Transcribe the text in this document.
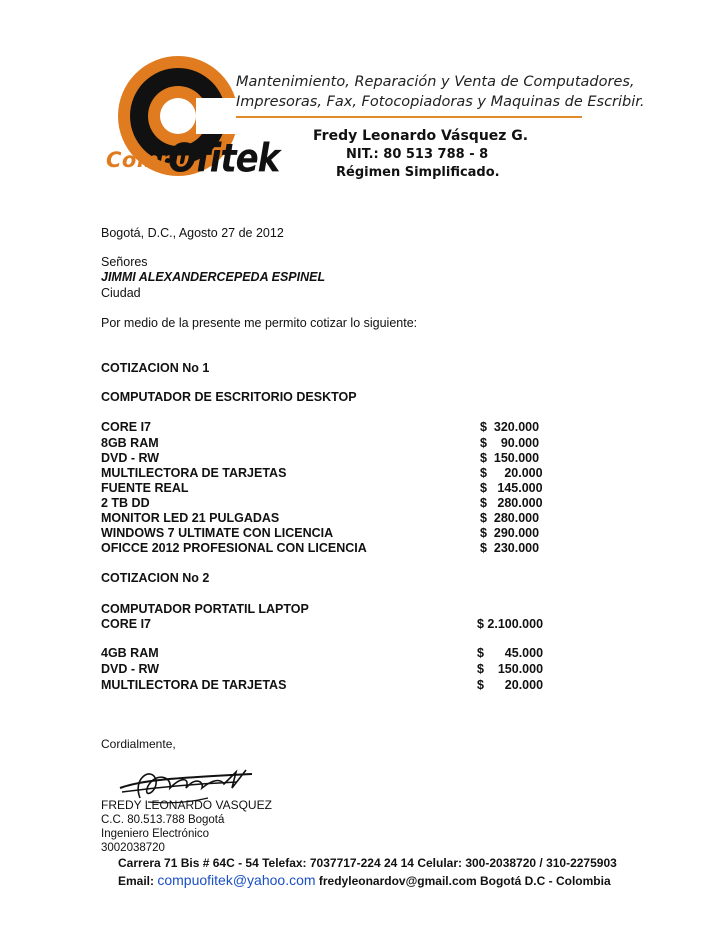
Compu
Ofitek
Mantenimiento, Reparación y Venta de Computadores,
Impresoras, Fax, Fotocopiadoras y Maquinas de Escribir.
Fredy Leonardo Vásquez G.
NIT.: 80 513 788 - 8
Régimen Simplificado.
Bogotá, D.C., Agosto 27 de 2012
Señores
JIMMI ALEXANDERCEPEDA ESPINEL
Ciudad
Por medio de la presente me permito cotizar lo siguiente:
COTIZACION No 1
COMPUTADOR DE ESCRITORIO DESKTOP
CORE I7	$  320.000
8GB RAM	$    90.000
DVD - RW	$  150.000
MULTILECTORA DE TARJETAS	$     20.000
FUENTE REAL	$   145.000
2 TB DD	$   280.000
MONITOR LED 21 PULGADAS	$  280.000
WINDOWS 7 ULTIMATE CON LICENCIA	$  290.000
OFICCE 2012 PROFESIONAL CON LICENCIA	$  230.000
COTIZACION No 2
COMPUTADOR PORTATIL LAPTOP
CORE I7	$ 2.100.000
4GB RAM	$      45.000
DVD - RW	$    150.000
MULTILECTORA DE TARJETAS	$      20.000
Cordialmente,
FREDY LEONARDO VASQUEZ
C.C. 80.513.788 Bogotá
Ingeniero Electrónico
3002038720
Carrera 71 Bis # 64C - 54 Telefax: 7037717-224 24 14 Celular: 300-2038720 / 310-2275903
Email: compuofitek@yahoo.com fredyleonardov@gmail.com Bogotá D.C - Colombia
